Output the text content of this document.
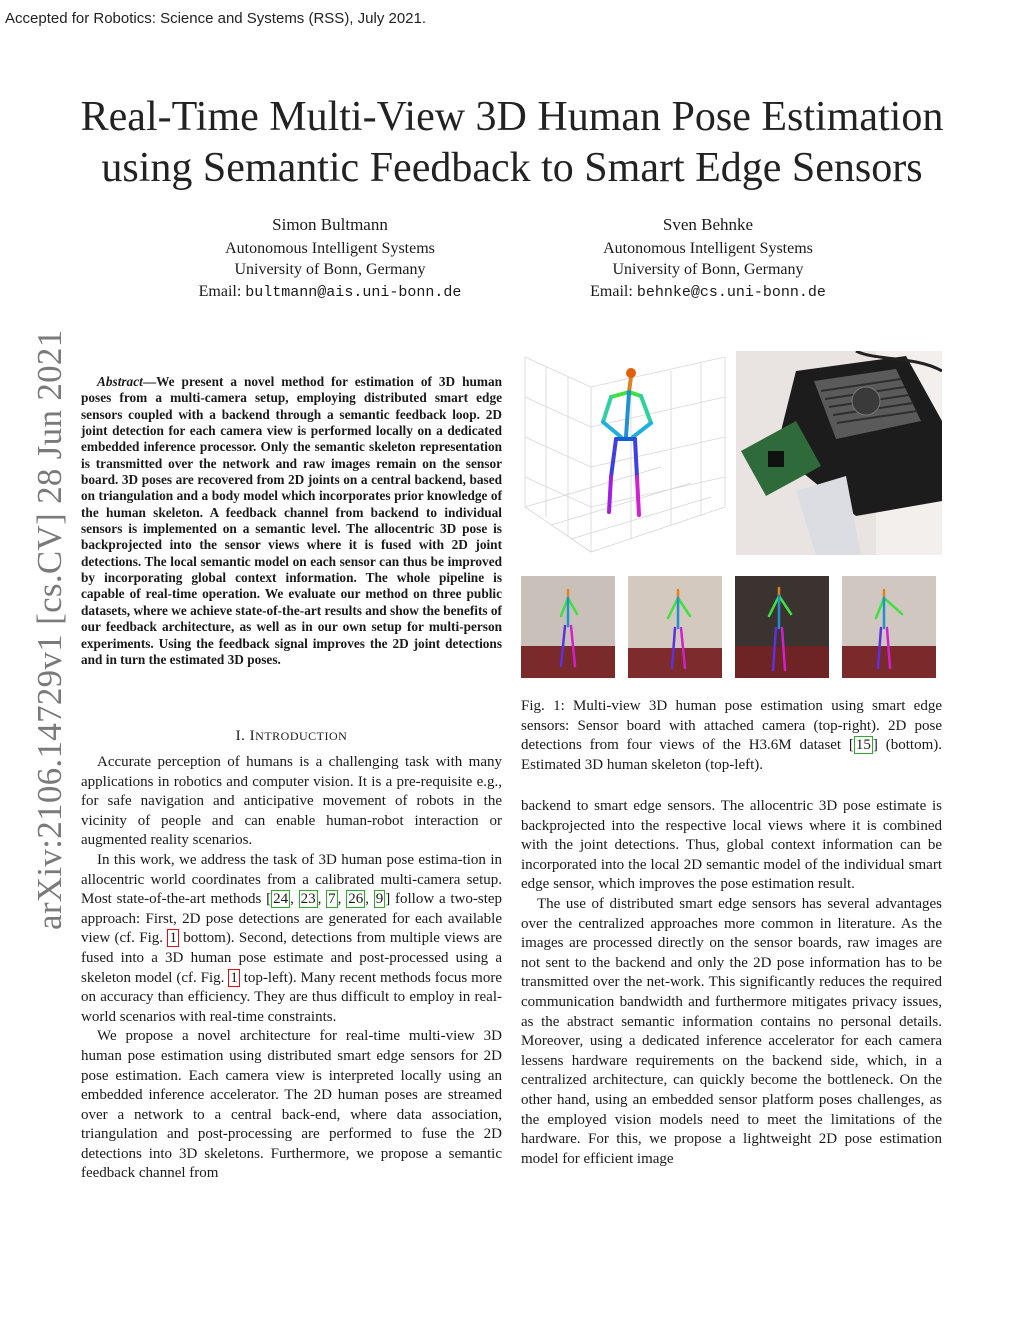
Accepted for Robotics: Science and Systems (RSS), July 2021.
Real-Time Multi-View 3D Human Pose Estimation
using Semantic Feedback to Smart Edge Sensors
Simon Bultmann
Autonomous Intelligent Systems
University of Bonn, Germany
Email: bultmann@ais.uni-bonn.de
Sven Behnke
Autonomous Intelligent Systems
University of Bonn, Germany
Email: behnke@cs.uni-bonn.de
arXiv:2106.14729v1 [cs.CV] 28 Jun 2021	Abstract—We present a novel method for estimation of 3D human poses from a multi-camera setup, employing distributed smart edge sensors coupled with a backend through a semantic feedback loop. 2D joint detection for each camera view is performed locally on a dedicated embedded inference processor. Only the semantic skeleton representation is transmitted over the network and raw images remain on the sensor board. 3D poses are recovered from 2D joints on a central backend, based on triangulation and a body model which incorporates prior knowledge of the human skeleton. A feedback channel from backend to individual sensors is implemented on a semantic level. The allocentric 3D pose is backprojected into the sensor views where it is fused with 2D joint detections. The local semantic model on each sensor can thus be improved by incorporating global context information. The whole pipeline is capable of real-time operation. We evaluate our method on three public datasets, where we achieve state-of-the-art results and show the benefits of our feedback architecture, as well as in our own setup for multi-person experiments. Using the feedback signal improves the 2D joint detections and in turn the estimated 3D poses.
I. INTRODUCTION

Accurate perception of humans is a challenging task with many applications in robotics and computer vision. It is a pre-requisite e.g., for safe navigation and anticipative movement of robots in the vicinity of people and can enable human-robot interaction or augmented reality scenarios.

In this work, we address the task of 3D human pose estima-tion in allocentric world coordinates from a calibrated multi-camera setup. Most state-of-the-art methods [ 24 , 23 , 7 , 26 , 9 ] follow a two-step approach: First, 2D pose detections are generated for each available view (cf. Fig. 1 bottom). Second, detections from multiple views are fused into a 3D human pose estimate and post-processed using a skeleton model (cf. Fig. 1 top-left). Many recent methods focus more on accuracy than efficiency. They are thus difficult to employ in real-world scenarios with real-time constraints.

We propose a novel architecture for real-time multi-view 3D human pose estimation using distributed smart edge sensors for 2D pose estimation. Each camera view is interpreted locally using an embedded inference accelerator. The 2D human poses are streamed over a network to a central back-end, where data association, triangulation and post-processing are performed to fuse the 2D detections into 3D skeletons. Furthermore, we propose a semantic feedback channel from

Fig. 1: Multi-view 3D human pose estimation using smart edge sensors: Sensor board with attached camera (top-right). 2D pose detections from four views of the H3.6M dataset [ 15 ] (bottom). Estimated 3D human skeleton (top-left).

backend to smart edge sensors. The allocentric 3D pose estimate is backprojected into the respective local views where it is combined with the joint detections. Thus, global context information can be incorporated into the local 2D semantic model of the individual smart edge sensor, which improves the pose estimation result.

The use of distributed smart edge sensors has several advantages over the centralized approaches more common in literature. As the images are processed directly on the sensor boards, raw images are not sent to the backend and only the 2D pose information has to be transmitted over the net-work. This significantly reduces the required communication bandwidth and furthermore mitigates privacy issues, as the abstract semantic information contains no personal details. Moreover, using a dedicated inference accelerator for each camera lessens hardware requirements on the backend side, which, in a centralized architecture, can quickly become the bottleneck. On the other hand, using an embedded sensor platform poses challenges, as the employed vision models need to meet the limitations of the hardware. For this, we propose a lightweight 2D pose estimation model for efficient image
